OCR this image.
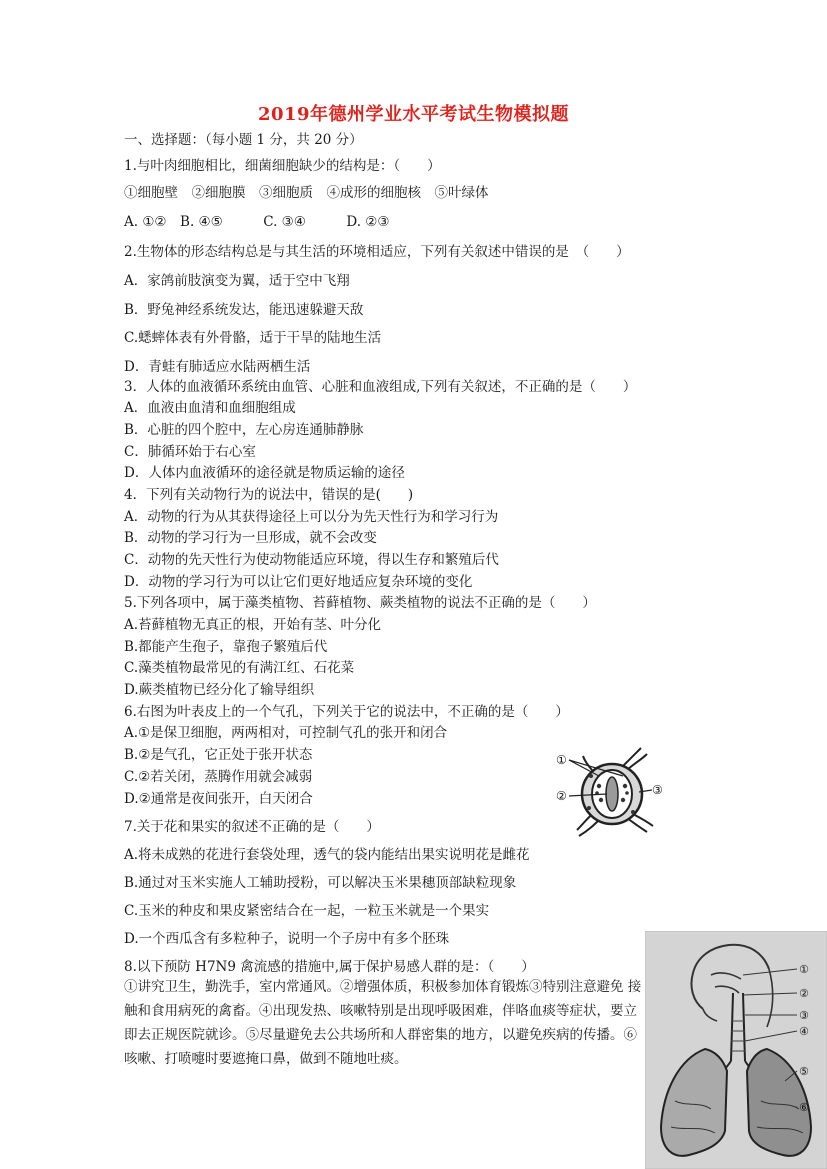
2019年德州学业水平考试生物模拟题
一、选择题：（每小题 1 分，共 20 分）
1.与叶肉细胞相比，细菌细胞缺少的结构是：（　　）
①细胞壁　②细胞膜　③细胞质　④成形的细胞核　⑤叶绿体
A. ①②　B. ④⑤　　　C. ③④　　　D. ②③
2.生物体的形态结构总是与其生活的环境相适应，下列有关叙述中错误的是　（　　）
A．家鸽前肢演变为翼，适于空中飞翔
B．野兔神经系统发达，能迅速躲避天敌
C.蟋蟀体表有外骨骼，适于干旱的陆地生活
D．青蛙有肺适应水陆两栖生活
3．人体的血液循环系统由血管、心脏和血液组成,下列有关叙述，不正确的是（　　）
A．血液由血清和血细胞组成
B．心脏的四个腔中，左心房连通肺静脉
C．肺循环始于右心室
D．人体内血液循环的途径就是物质运输的途径
4．下列有关动物行为的说法中，错误的是(　　)
A．动物的行为从其获得途径上可以分为先天性行为和学习行为
B．动物的学习行为一旦形成，就不会改变
C．动物的先天性行为使动物能适应环境，得以生存和繁殖后代
D．动物的学习行为可以让它们更好地适应复杂环境的变化
5.下列各项中，属于藻类植物、苔藓植物、蕨类植物的说法不正确的是（　　）
A.苔藓植物无真正的根，开始有茎、叶分化
B.都能产生孢子，靠孢子繁殖后代
C.藻类植物最常见的有满江红、石花菜
D.蕨类植物已经分化了输导组织
6.右图为叶表皮上的一个气孔，下列关于它的说法中，不正确的是（　　）
A.①是保卫细胞，两两相对，可控制气孔的张开和闭合
B.②是气孔，它正处于张开状态
C.②若关闭，蒸腾作用就会减弱
D.②通常是夜间张开，白天闭合
7.关于花和果实的叙述不正确的是（　　）
A.将未成熟的花进行套袋处理，透气的袋内能结出果实说明花是雌花
B.通过对玉米实施人工辅助授粉，可以解决玉米果穗顶部缺粒现象
C.玉米的种皮和果皮紧密结合在一起，一粒玉米就是一个果实
D.一个西瓜含有多粒种子，说明一个子房中有多个胚珠
8.以下预防 H7N9 禽流感的措施中,属于保护易感人群的是：（　　）
①讲究卫生，勤洗手，室内常通风。②增强体质，积极参加体育锻炼③特别注意避免 接触和食用病死的禽畜。④出现发热、咳嗽特别是出现呼吸困难，伴咯血痰等症状，要立即去正规医院就诊。⑤尽量避免去公共场所和人群密集的地方，以避免疾病的传播。⑥咳嗽、打喷嚏时要遮掩口鼻，做到不随地吐痰。
①
②	③
①
②
③
④
⑤
⑥
